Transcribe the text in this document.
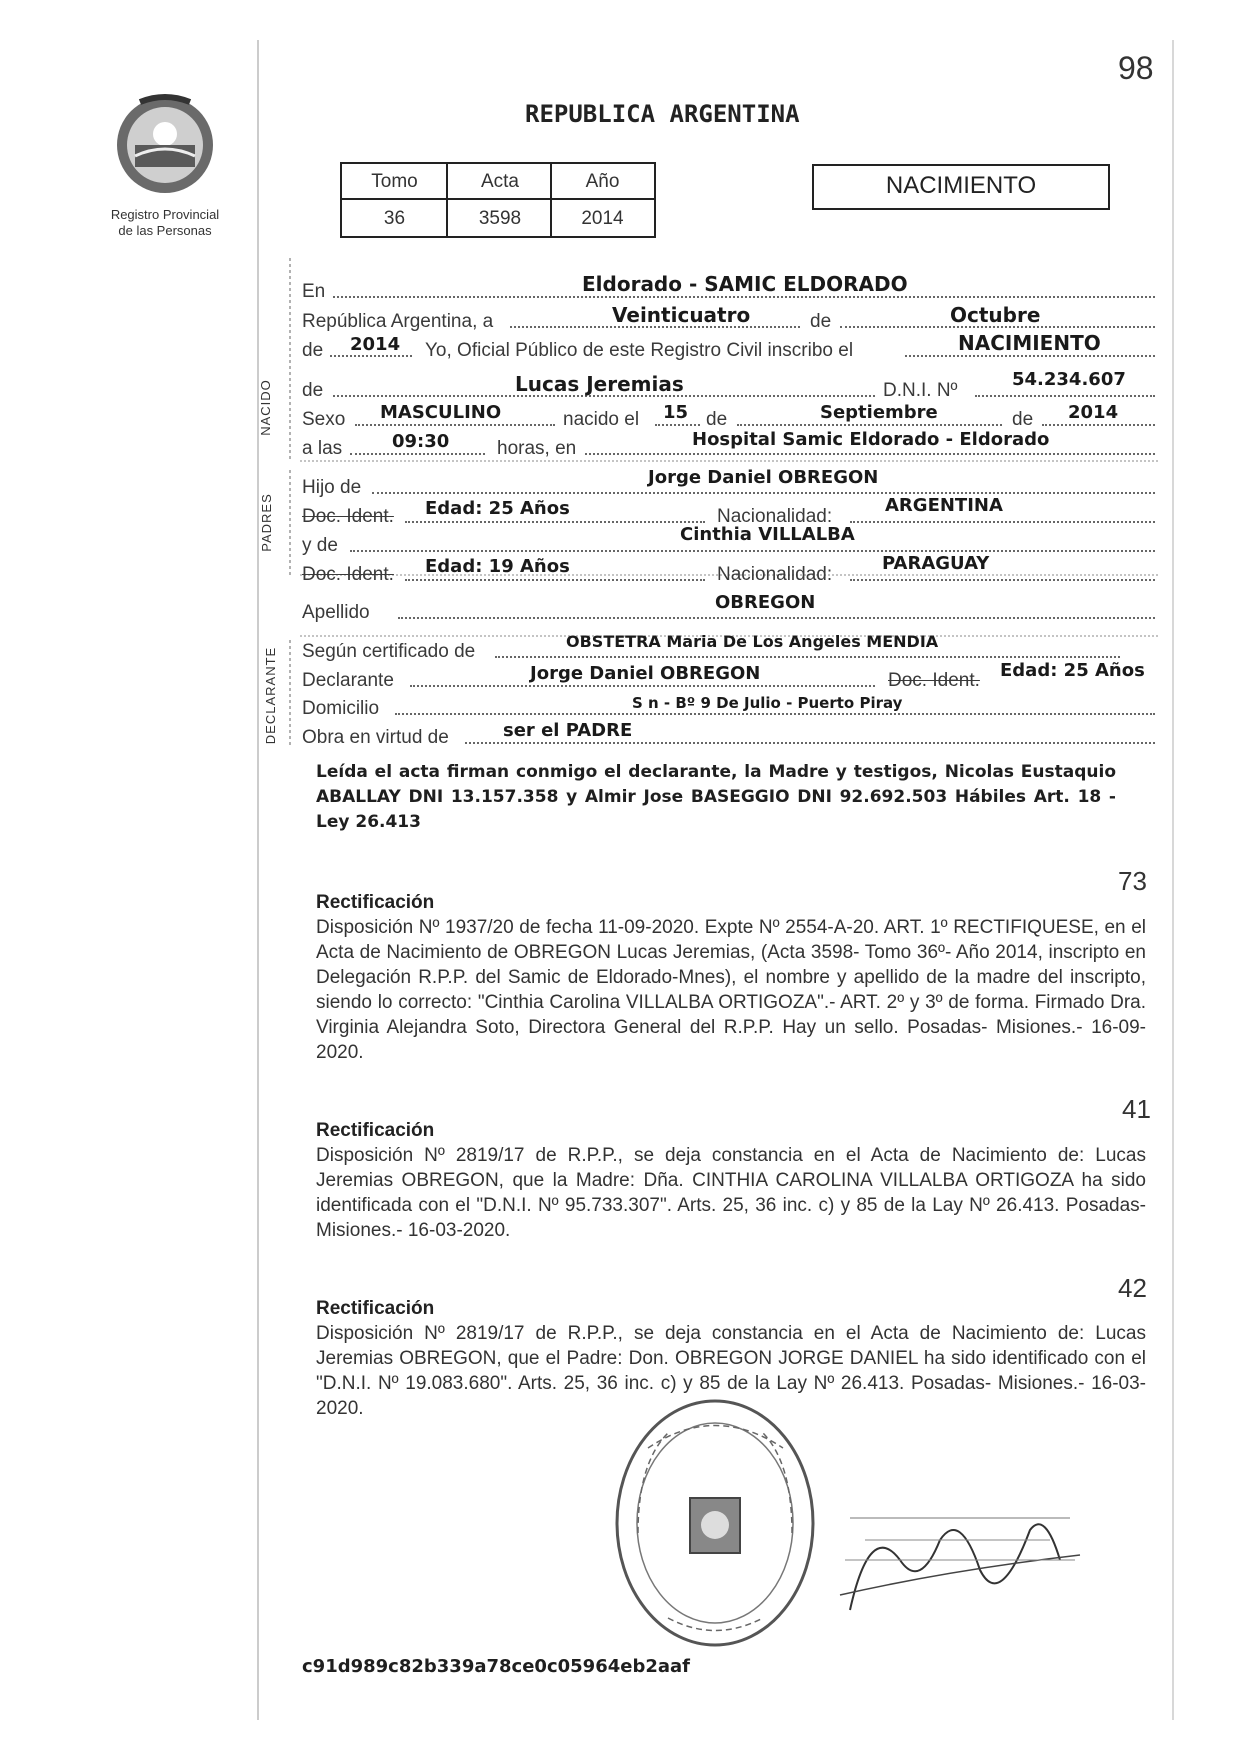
Registro Provincial
de las Personas
98
REPUBLICA ARGENTINA
Tomo	Acta	Año
36	3598	2014
NACIMIENTO
NACIDO
PADRES
DECLARANTE
En	Eldorado - SAMIC ELDORADO
República Argentina, a	Veinticuatro	de	Octubre
de 2014 Yo, Oficial Público de este Registro Civil inscribo el	NACIMIENTO
de	Lucas Jeremias	D.N.I. Nº
54.234.607
Sexo MASCULINO	nacido el 15 de	Septiembre	de 2014
a las	09:30	horas, en	Hospital Samic Eldorado - Eldorado
Hijo de	Jorge Daniel OBREGON
Doc. Ident. Edad: 25 Años	Nacionalidad:
ARGENTINA
y de
Cinthia VILLALBA
Doc. Ident. Edad: 19 Años	Nacionalidad:
PARAGUAY
Apellido	OBREGON
Según certificado de	OBSTETRA Maria De Los Angeles MENDIA
Declarante	Jorge Daniel OBREGON	Doc. Ident. Edad: 25 Años
Domicilio	S n - Bº 9 De Julio - Puerto Piray
Obra en virtud de	ser el PADRE
Leída el acta firman conmigo el declarante, la Madre y testigos, Nicolas Eustaquio ABALLAY DNI 13.157.358 y Almir Jose BASEGGIO DNI 92.692.503 Hábiles Art. 18 - Ley 26.413
73
Rectificación
Disposición Nº 1937/20 de fecha 11-09-2020. Expte Nº 2554-A-20. ART. 1º RECTIFIQUESE, en el Acta de Nacimiento de OBREGON Lucas Jeremias, (Acta 3598- Tomo 36º- Año 2014, inscripto en Delegación R.P.P. del Samic de Eldorado-Mnes), el nombre y apellido de la madre del inscripto, siendo lo correcto: "Cinthia Carolina VILLALBA ORTIGOZA".- ART. 2º y 3º de forma. Firmado Dra. Virginia Alejandra Soto, Directora General del R.P.P. Hay un sello. Posadas- Misiones.- 16-09-2020.
41
Rectificación
Disposición Nº 2819/17 de R.P.P., se deja constancia en el Acta de Nacimiento de: Lucas Jeremias OBREGON, que la Madre: Dña. CINTHIA CAROLINA VILLALBA ORTIGOZA ha sido identificada con el "D.N.I. Nº 95.733.307". Arts. 25, 36 inc. c) y 85 de la Lay Nº 26.413. Posadas- Misiones.- 16-03-2020.
42
Rectificación
Disposición Nº 2819/17 de R.P.P., se deja constancia en el Acta de Nacimiento de: Lucas Jeremias OBREGON, que el Padre: Don. OBREGON JORGE DANIEL ha sido identificado con el "D.N.I. Nº 19.083.680". Arts. 25, 36 inc. c) y 85 de la Lay Nº 26.413. Posadas- Misiones.- 16-03-2020.
c91d989c82b339a78ce0c05964eb2aaf
